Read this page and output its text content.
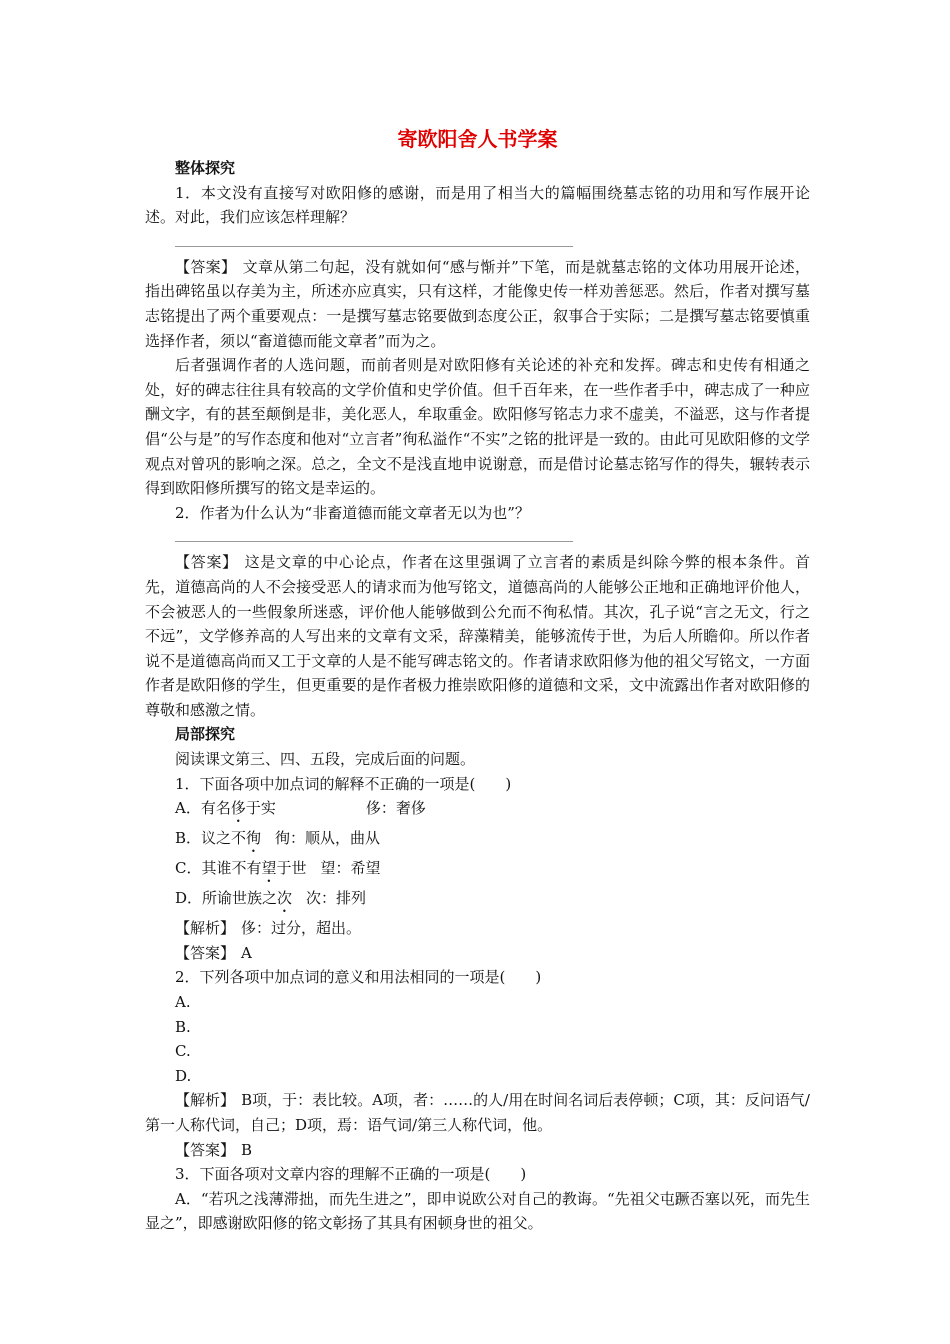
寄欧阳舍人书学案
整体探究

1．本文没有直接写对欧阳修的感谢，而是用了相当大的篇幅围绕墓志铭的功用和写作展开论述。对此，我们应该怎样理解？

【答案】 文章从第二句起，没有就如何“感与惭并”下笔，而是就墓志铭的文体功用展开论述，指出碑铭虽以存美为主，所述亦应真实，只有这样，才能像史传一样劝善惩恶。然后，作者对撰写墓志铭提出了两个重要观点：一是撰写墓志铭要做到态度公正，叙事合于实际；二是撰写墓志铭要慎重选择作者，须以“畜道德而能文章者”而为之。

后者强调作者的人选问题，而前者则是对欧阳修有关论述的补充和发挥。碑志和史传有相通之处，好的碑志往往具有较高的文学价值和史学价值。但千百年来，在一些作者手中，碑志成了一种应酬文字，有的甚至颠倒是非，美化恶人，牟取重金。欧阳修写铭志力求不虚美，不溢恶，这与作者提倡“公与是”的写作态度和他对“立言者”徇私溢作“不实”之铭的批评是一致的。由此可见欧阳修的文学观点对曾巩的影响之深。总之，全文不是浅直地申说谢意，而是借讨论墓志铭写作的得失，辗转表示得到欧阳修所撰写的铭文是幸运的。

2．作者为什么认为“非畜道德而能文章者无以为也”？

【答案】 这是文章的中心论点，作者在这里强调了立言者的素质是纠除今弊的根本条件。首先，道德高尚的人不会接受恶人的请求而为他写铭文，道德高尚的人能够公正地和正确地评价他人，不会被恶人的一些假象所迷惑，评价他人能够做到公允而不徇私情。其次，孔子说“言之无文，行之不远”，文学修养高的人写出来的文章有文采，辞藻精美，能够流传于世，为后人所瞻仰。所以作者说不是道德高尚而又工于文章的人是不能写碑志铭文的。作者请求欧阳修为他的祖父写铭文，一方面作者是欧阳修的学生，但更重要的是作者极力推崇欧阳修的道德和文采，文中流露出作者对欧阳修的尊敬和感激之情。

局部探究

阅读课文第三、四、五段，完成后面的问题。

1．下面各项中加点词的解释不正确的一项是(　　)

A．有名侈于实	侈：奢侈

B．议之不徇 徇：顺从，曲从

C．其谁不有望于世 望：希望

D．所谕世族之次 次：排列

【解析】 侈：过分，超出。

【答案】 A

2．下列各项中加点词的意义和用法相同的一项是(　　)

A.

B.

C.

D.

【解析】 B项，于：表比较。A项，者：……的人/用在时间名词后表停顿；C项，其：反问语气/第一人称代词，自己；D项，焉：语气词/第三人称代词，他。

【答案】 B

3．下面各项对文章内容的理解不正确的一项是(　　)

A．“若巩之浅薄滞拙，而先生进之”，即申说欧公对自己的教诲。“先祖父屯蹶否塞以死，而先生显之”，即感谢欧阳修的铭文彰扬了其具有困顿身世的祖父。
